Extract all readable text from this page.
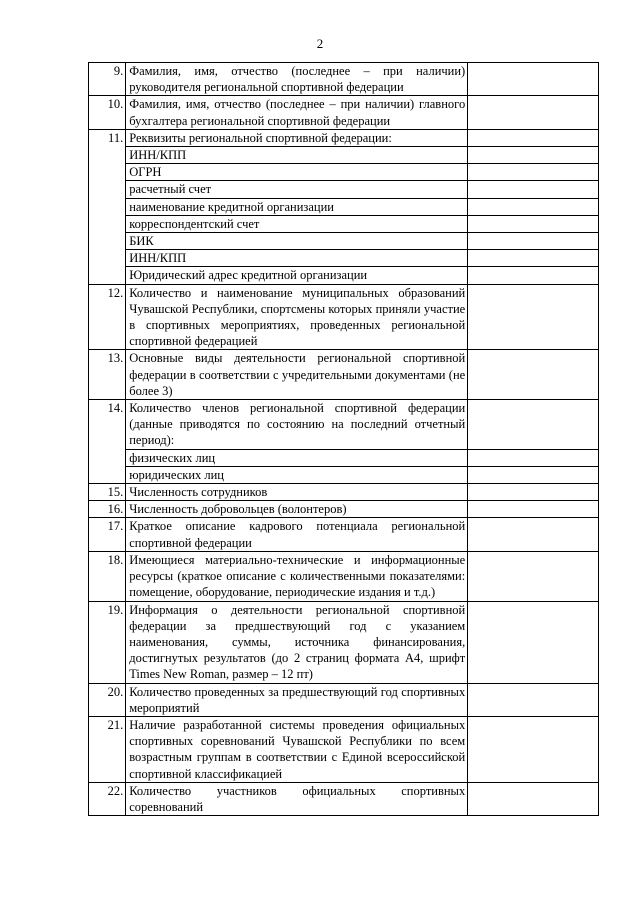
2
9.	Фамилия, имя, отчество (последнее – при наличии) руководителя региональной спортивной федерации	
10.	Фамилия, имя, отчество (последнее – при наличии) главного бухгалтера региональной спортивной федерации	
11.	Реквизиты региональной спортивной федерации:	
	ИНН/КПП	
	ОГРН	
	расчетный счет	
	наименование кредитной организации	
	корреспондентский счет	
	БИК	
	ИНН/КПП	
	Юридический адрес кредитной организации	
12.	Количество и наименование муниципальных образований Чувашской Республики, спортсмены которых приняли участие в спортивных мероприятиях, проведенных региональной спортивной федерацией	
13.	Основные виды деятельности региональной спортивной федерации в соответствии с учредительными документами (не более 3)	
14.	Количество членов региональной спортивной федерации (данные приводятся по состоянию на последний отчетный период):	
	физических лиц	
	юридических лиц	
15.	Численность сотрудников	
16.	Численность добровольцев (волонтеров)	
17.	Краткое описание кадрового потенциала региональной спортивной федерации	
18.	Имеющиеся материально-технические и информационные ресурсы (краткое описание с количественными показателями: помещение, оборудование, периодические издания и т.д.)	
19.	Информация о деятельности региональной спортивной федерации за предшествующий год с указанием наименования, суммы, источника финансирования, достигнутых результатов (до 2 страниц формата А4, шрифт Times New Roman, размер – 12 пт)	
20.	Количество проведенных за предшествующий год спортивных мероприятий	
21.	Наличие разработанной системы проведения официальных спортивных соревнований Чувашской Республики по всем возрастным группам в соответствии с Единой всероссийской спортивной классификацией	
22.	Количество участников официальных спортивных соревнований	
